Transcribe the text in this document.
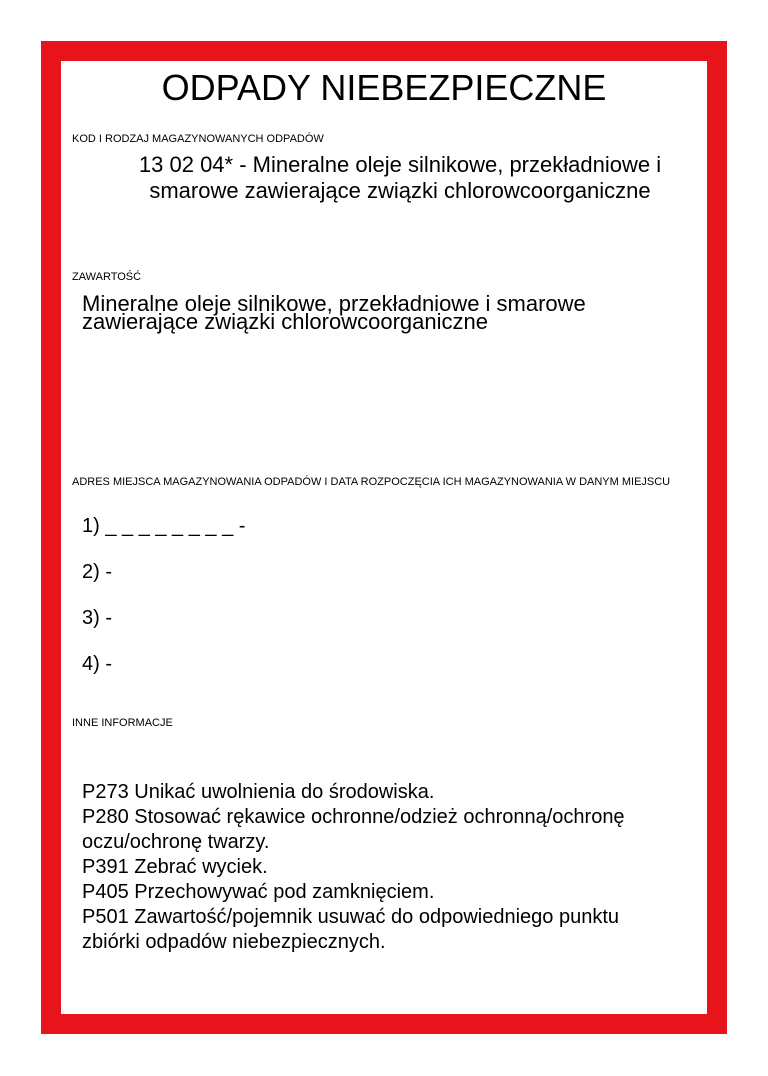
ODPADY NIEBEZPIECZNE
KOD I RODZAJ MAGAZYNOWANYCH ODPADÓW
13 02 04* - Mineralne oleje silnikowe, przekładniowe i
smarowe zawierające związki chlorowcoorganiczne
ZAWARTOŚĆ
Mineralne oleje silnikowe, przekładniowe i smarowe
zawierające związki chlorowcoorganiczne
ADRES MIEJSCA MAGAZYNOWANIA ODPADÓW I DATA ROZPOCZĘCIA ICH MAGAZYNOWANIA W DANYM MIEJSCU
1) _ _ _ _ _ _ _ _ -
2) -
3) -
4) -
INNE INFORMACJE
P273 Unikać uwolnienia do środowiska.
P280 Stosować rękawice ochronne/odzież ochronną/ochronę
oczu/ochronę twarzy.
P391 Zebrać wyciek.
P405 Przechowywać pod zamknięciem.
P501 Zawartość/pojemnik usuwać do odpowiedniego punktu
zbiórki odpadów niebezpiecznych.
